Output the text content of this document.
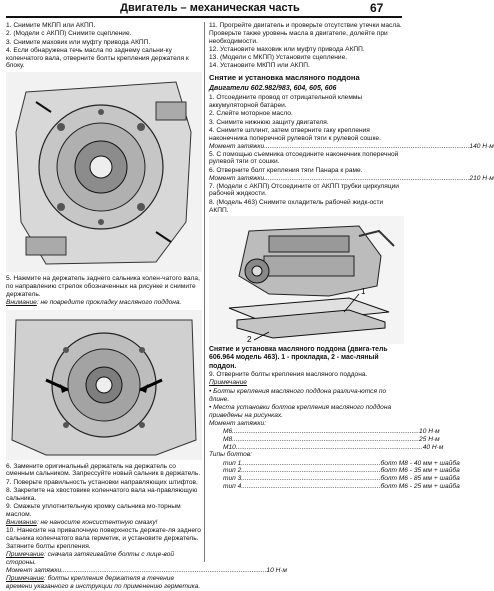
Двигатель – механическая часть	67

1. Снимите МКПП или АКПП.

2. (Модели с АКПП) Снимите сцепление.

3. Снимите маховик или муфту привода АКПП.

4. Если обнаружена течь масла по заднему сальни-ку коленчатого вала, отверните болты крепления держателя к блоку.

5. Нажмите на держатель заднего сальника колен-чатого вала, по направлению стрелок обозначенных на рисунке и снимите держатель.

Внимание: не повредите прокладку масляного поддона.

6. Замените оригинальный держатель на держатель со сменным сальником. Запрессуйте новый сальник в держатель.

7. Поверьте правильность установки направляющих штифтов.

8. Закрепите на хвостовике коленчатого вала на-правляющую сальника.

9. Смажьте уплотнительную кромку сальника мо-торным маслом.

Внимание: не наносите консистентную смазку!

10. Нанесите на привалочную поверхность держате-ля заднего сальника коленчатого вала герметик, и установите держатель. Затяните болты крепления.

Примечание: сначала затягивайте болты с лице-вой стороны.

Момент затяжки .....	10 Н·м

Примечание: болты крепления держателя в течение времени указанного в инструкции по применению герметика.

11. Прогрейте двигатель и проверьте отсутствие утечки масла. Проверьте также уровень масла в двигателе, долейте при необходимости.

12. Установите маховик или муфту привода АКПП.

13. (Модели с МКПП) Установите сцепление.

14. Установите МКПП или АКПП.

Снятие и установка масляного поддона

Двигатели 602.982/983, 604, 605, 606

1. Отсоедините провод от отрицательной клеммы аккумуляторной батареи.

2. Слейте моторное масло.

3. Снимите нижнюю защиту двигателя.

4. Снимите шплинт, затем отверните гаку крепления наконечника поперечной рулевой тяги к рулевой сошке.

Момент затяжки .....	140 Н·м

5. С помощью съемника отсоедините наконечник поперечной рулевой тяги от сошки.

6. Отверните болт крепления тяги Панара к раме.

Момент затяжки .....	210 Н·м

7. (Модели с АКПП) Отсоедините от АКПП трубки циркуляции рабочей жидкости.

8. (Модель 463) Снимите охладитель рабочей жидк-ости АКПП.

1
2

Снятие и установка масляного поддона (двига-тель 606.964 модель 463). 1 - прокладка, 2 - мас-ляный поддон.

9. Отверните болты крепления масляного поддона.

Примечание

• Болты крепления масляного поддона различа-ются по длине.

• Места установки болтов крепления масляного поддона приведены на рисунках.

Момент затяжки:

M6 .....	10 Н·м
M8 .....	25 Н·м
M10 .....	40 Н·м

Типы болтов:

тип 1 .....	болт M8 - 40 мм + шайба
тип 2 .....	болт M6 - 35 мм + шайба
тип 3 .....	болт M6 - 85 мм + шайба
тип 4 .....	болт M6 - 25 мм + шайба
